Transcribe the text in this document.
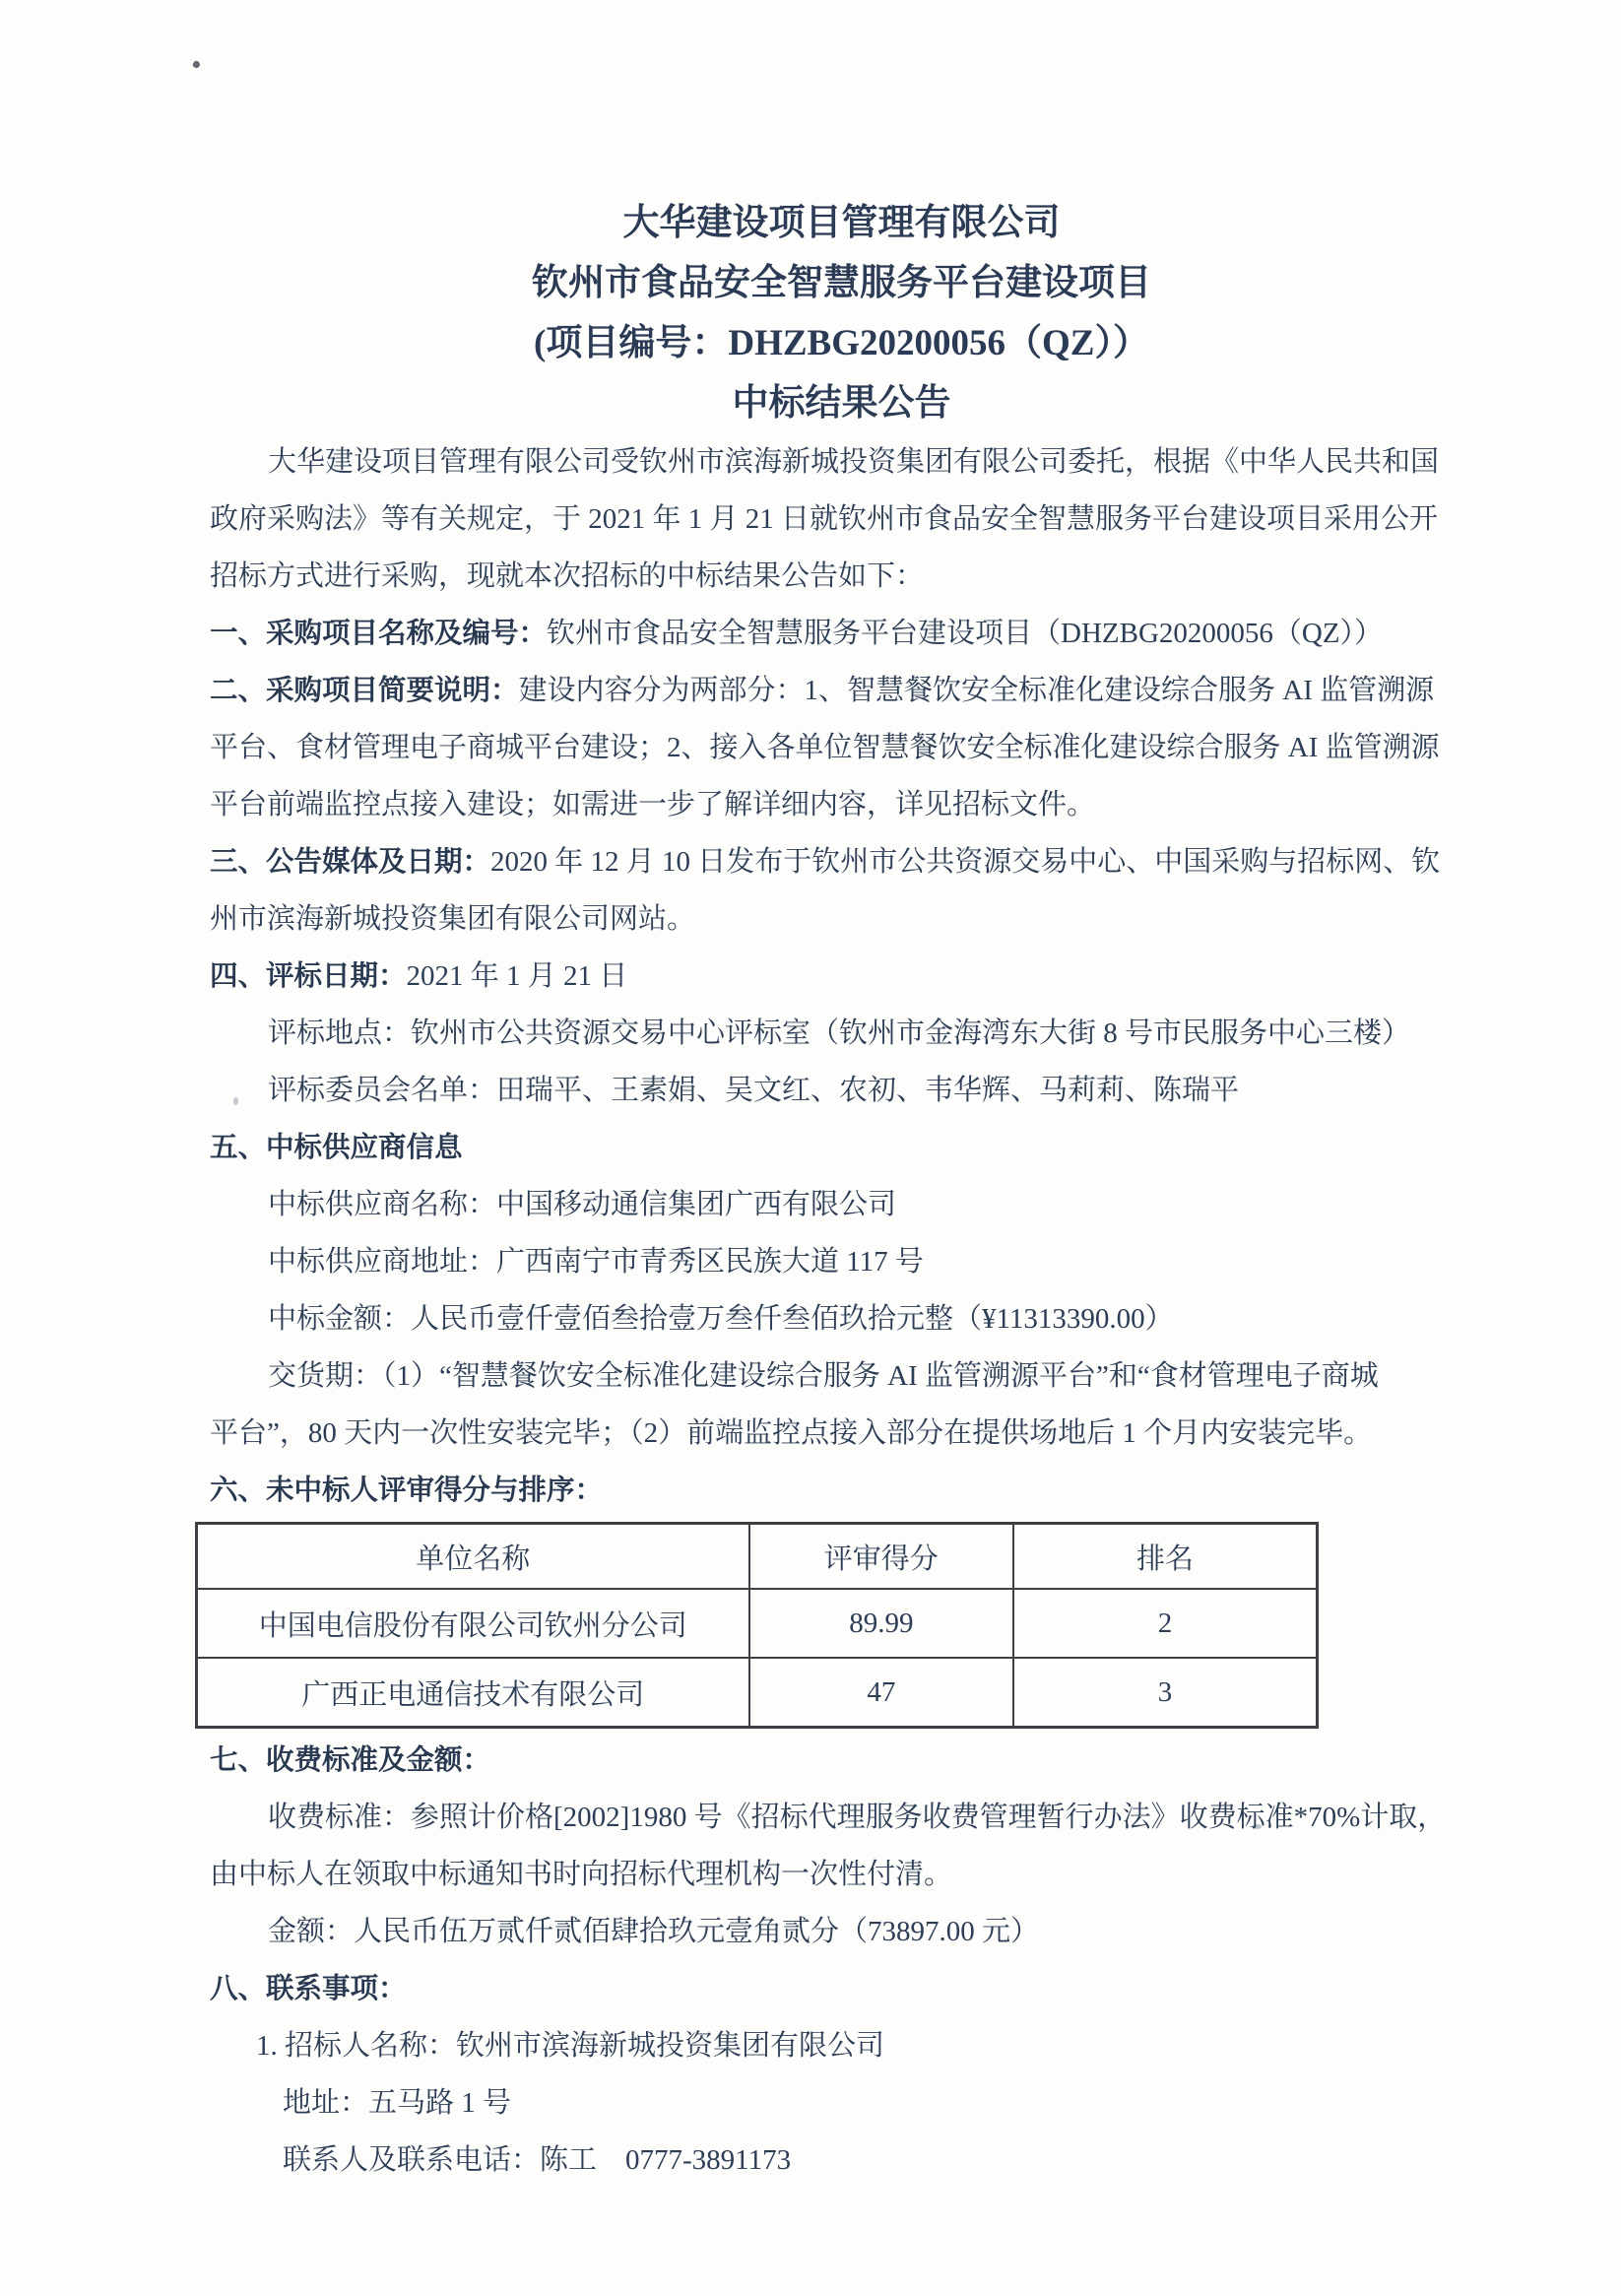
大华建设项目管理有限公司

钦州市食品安全智慧服务平台建设项目

(项目编号：DHZBG20200056（QZ））

中标结果公告

大华建设项目管理有限公司受钦州市滨海新城投资集团有限公司委托，根据《中华人民共和国

政府采购法》等有关规定，于 2021 年 1 月 21 日就钦州市食品安全智慧服务平台建设项目采用公开

招标方式进行采购，现就本次招标的中标结果公告如下：

一、采购项目名称及编号：钦州市食品安全智慧服务平台建设项目（DHZBG20200056（QZ））

二、采购项目简要说明：建设内容分为两部分：1、智慧餐饮安全标准化建设综合服务 AI 监管溯源

平台、食材管理电子商城平台建设；2、接入各单位智慧餐饮安全标准化建设综合服务 AI 监管溯源

平台前端监控点接入建设；如需进一步了解详细内容，详见招标文件。

三、公告媒体及日期：2020 年 12 月 10 日发布于钦州市公共资源交易中心、中国采购与招标网、钦

州市滨海新城投资集团有限公司网站。

四、评标日期：2021 年 1 月 21 日

评标地点：钦州市公共资源交易中心评标室（钦州市金海湾东大街 8 号市民服务中心三楼）

评标委员会名单：田瑞平、王素娟、吴文红、农初、韦华辉、马莉莉、陈瑞平

五、中标供应商信息

中标供应商名称：中国移动通信集团广西有限公司

中标供应商地址：广西南宁市青秀区民族大道 117 号

中标金额：人民币壹仟壹佰叁拾壹万叁仟叁佰玖拾元整（¥11313390.00）

交货期：（1）“智慧餐饮安全标准化建设综合服务 AI 监管溯源平台”和“食材管理电子商城

平台”，80 天内一次性安装完毕；（2）前端监控点接入部分在提供场地后 1 个月内安装完毕。

六、未中标人评审得分与排序：

单位名称	评审得分	排名
中国电信股份有限公司钦州分公司	89.99	2
广西正电通信技术有限公司	47	3

七、收费标准及金额：

收费标准：参照计价格[2002]1980 号《招标代理服务收费管理暂行办法》收费标准*70%计取，

由中标人在领取中标通知书时向招标代理机构一次性付清。

金额：人民币伍万贰仟贰佰肆拾玖元壹角贰分（73897.00 元）

八、联系事项：

1. 招标人名称：钦州市滨海新城投资集团有限公司

地址：五马路 1 号

联系人及联系电话：陈工　0777-3891173
